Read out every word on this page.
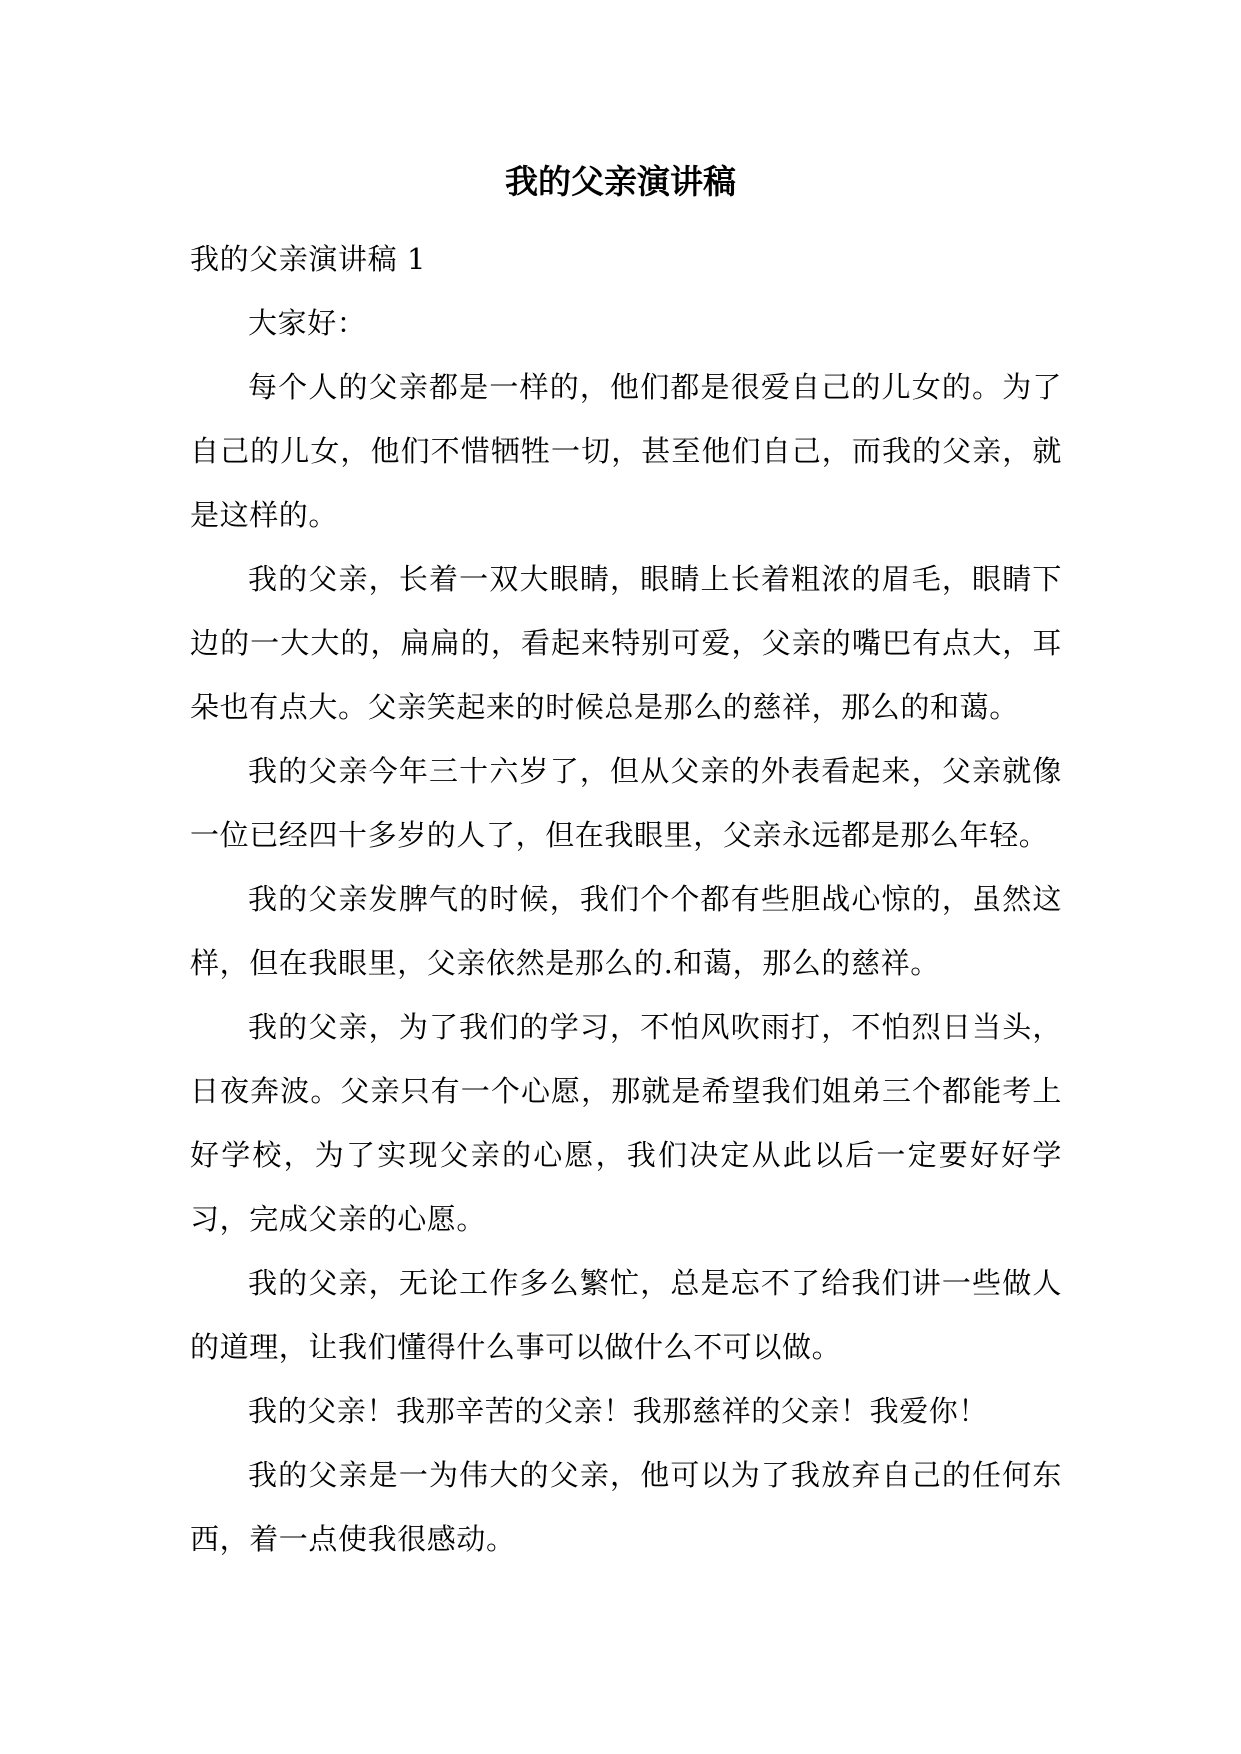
我的父亲演讲稿

我的父亲演讲稿 1

大家好：

每个人的父亲都是一样的，他们都是很爱自己的儿女的。为了自己的儿女，他们不惜牺牲一切，甚至他们自己，而我的父亲，就是这样的。

我的父亲，长着一双大眼睛，眼睛上长着粗浓的眉毛，眼睛下边的一大大的，扁扁的，看起来特别可爱，父亲的嘴巴有点大，耳朵也有点大。父亲笑起来的时候总是那么的慈祥，那么的和蔼。

我的父亲今年三十六岁了，但从父亲的外表看起来，父亲就像一位已经四十多岁的人了，但在我眼里，父亲永远都是那么年轻。

我的父亲发脾气的时候，我们个个都有些胆战心惊的，虽然这样，但在我眼里，父亲依然是那么的.和蔼，那么的慈祥。

我的父亲，为了我们的学习，不怕风吹雨打，不怕烈日当头，日夜奔波。父亲只有一个心愿，那就是希望我们姐弟三个都能考上好学校，为了实现父亲的心愿，我们决定从此以后一定要好好学习，完成父亲的心愿。

我的父亲，无论工作多么繁忙，总是忘不了给我们讲一些做人的道理，让我们懂得什么事可以做什么不可以做。

我的父亲！我那辛苦的父亲！我那慈祥的父亲！我爱你！

我的父亲是一为伟大的父亲，他可以为了我放弃自己的任何东西，着一点使我很感动。
